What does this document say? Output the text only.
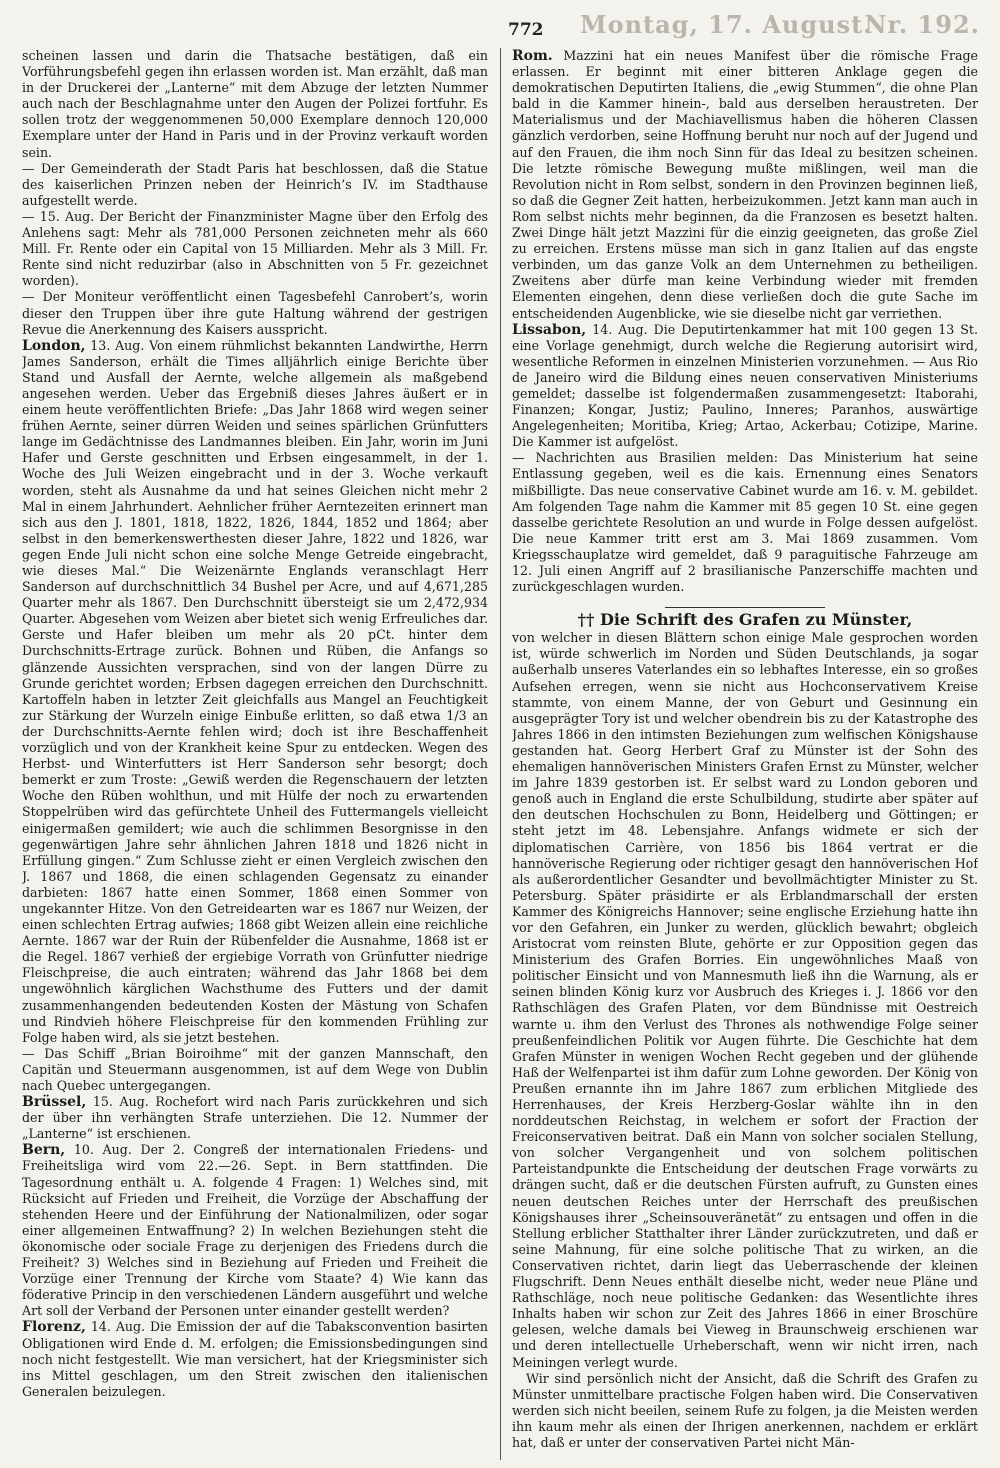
Montag, 17. August.
Nr. 192.
772

scheinen lassen und darin die Thatsache bestätigen, daß ein Vorführungsbefehl gegen ihn erlassen worden ist. Man erzählt, daß man in der Druckerei der „Lanterne“ mit dem Abzuge der letzten Nummer auch nach der Beschlagnahme unter den Augen der Polizei fortfuhr. Es sollen trotz der weggenommenen 50,000 Exemplare dennoch 120,000 Exemplare unter der Hand in Paris und in der Provinz verkauft worden sein.

— Der Gemeinderath der Stadt Paris hat beschlossen, daß die Statue des kaiserlichen Prinzen neben der Heinrich’s IV. im Stadthause aufgestellt werde.

— 15. Aug. Der Bericht der Finanzminister Magne über den Erfolg des Anlehens sagt: Mehr als 781,000 Personen zeichneten mehr als 660 Mill. Fr. Rente oder ein Capital von 15 Milliarden. Mehr als 3 Mill. Fr. Rente sind nicht reduzirbar (also in Abschnitten von 5 Fr. gezeichnet worden).

— Der Moniteur veröffentlicht einen Tagesbefehl Canrobert’s, worin dieser den Truppen über ihre gute Haltung während der gestrigen Revue die Anerkennung des Kaisers ausspricht.

London, 13. Aug. Von einem rühmlichst bekannten Landwirthe, Herrn James Sanderson, erhält die Times alljährlich einige Berichte über Stand und Ausfall der Aernte, welche allgemein als maßgebend angesehen werden. Ueber das Ergebniß dieses Jahres äußert er in einem heute veröffentlichten Briefe: „Das Jahr 1868 wird wegen seiner frühen Aernte, seiner dürren Weiden und seines spärlichen Grünfutters lange im Gedächtnisse des Landmannes bleiben. Ein Jahr, worin im Juni Hafer und Gerste geschnitten und Erbsen eingesammelt, in der 1. Woche des Juli Weizen eingebracht und in der 3. Woche verkauft worden, steht als Ausnahme da und hat seines Gleichen nicht mehr 2 Mal in einem Jahrhundert. Aehnlicher früher Aerntezeiten erinnert man sich aus den J. 1801, 1818, 1822, 1826, 1844, 1852 und 1864; aber selbst in den bemerkenswerthesten dieser Jahre, 1822 und 1826, war gegen Ende Juli nicht schon eine solche Menge Getreide eingebracht, wie dieses Mal.“ Die Weizenärnte Englands veranschlagt Herr Sanderson auf durchschnittlich 34 Bushel per Acre, und auf 4,671,285 Quarter mehr als 1867. Den Durchschnitt übersteigt sie um 2,472,934 Quarter. Abgesehen vom Weizen aber bietet sich wenig Erfreuliches dar. Gerste und Hafer bleiben um mehr als 20 pCt. hinter dem Durchschnitts-Ertrage zurück. Bohnen und Rüben, die Anfangs so glänzende Aussichten versprachen, sind von der langen Dürre zu Grunde gerichtet worden; Erbsen dagegen erreichen den Durchschnitt. Kartoffeln haben in letzter Zeit gleichfalls aus Mangel an Feuchtigkeit zur Stärkung der Wurzeln einige Einbuße erlitten, so daß etwa 1/3 an der Durchschnitts-Aernte fehlen wird; doch ist ihre Beschaffenheit vorzüglich und von der Krankheit keine Spur zu entdecken. Wegen des Herbst- und Winterfutters ist Herr Sanderson sehr besorgt; doch bemerkt er zum Troste: „Gewiß werden die Regenschauern der letzten Woche den Rüben wohlthun, und mit Hülfe der noch zu erwartenden Stoppelrüben wird das gefürchtete Unheil des Futtermangels vielleicht einigermaßen gemildert; wie auch die schlimmen Besorgnisse in den gegenwärtigen Jahre sehr ähnlichen Jahren 1818 und 1826 nicht in Erfüllung gingen.“ Zum Schlusse zieht er einen Vergleich zwischen den J. 1867 und 1868, die einen schlagenden Gegensatz zu einander darbieten: 1867 hatte einen Sommer, 1868 einen Sommer von ungekannter Hitze. Von den Getreidearten war es 1867 nur Weizen, der einen schlechten Ertrag aufwies; 1868 gibt Weizen allein eine reichliche Aernte. 1867 war der Ruin der Rübenfelder die Ausnahme, 1868 ist er die Regel. 1867 verhieß der ergiebige Vorrath von Grünfutter niedrige Fleischpreise, die auch eintraten; während das Jahr 1868 bei dem ungewöhnlich kärglichen Wachsthume des Futters und der damit zusammenhangenden bedeutenden Kosten der Mästung von Schafen und Rindvieh höhere Fleischpreise für den kommenden Frühling zur Folge haben wird, als sie jetzt bestehen.

— Das Schiff „Brian Boiroihme“ mit der ganzen Mannschaft, den Capitän und Steuermann ausgenommen, ist auf dem Wege von Dublin nach Quebec untergegangen.

Brüssel, 15. Aug. Rochefort wird nach Paris zurückkehren und sich der über ihn verhängten Strafe unterziehen. Die 12. Nummer der „Lanterne“ ist erschienen.

Bern, 10. Aug. Der 2. Congreß der internationalen Friedens- und Freiheitsliga wird vom 22.—26. Sept. in Bern stattfinden. Die Tagesordnung enthält u. A. folgende 4 Fragen: 1) Welches sind, mit Rücksicht auf Frieden und Freiheit, die Vorzüge der Abschaffung der stehenden Heere und der Einführung der Nationalmilizen, oder sogar einer allgemeinen Entwaffnung? 2) In welchen Beziehungen steht die ökonomische oder sociale Frage zu derjenigen des Friedens durch die Freiheit? 3) Welches sind in Beziehung auf Frieden und Freiheit die Vorzüge einer Trennung der Kirche vom Staate? 4) Wie kann das föderative Princip in den verschiedenen Ländern ausgeführt und welche Art soll der Verband der Personen unter einander gestellt werden?

Florenz, 14. Aug. Die Emission der auf die Tabaksconvention basirten Obligationen wird Ende d. M. erfolgen; die Emissionsbedingungen sind noch nicht festgestellt. Wie man versichert, hat der Kriegsminister sich ins Mittel geschlagen, um den Streit zwischen den italienischen Generalen beizulegen.

Rom. Mazzini hat ein neues Manifest über die römische Frage erlassen. Er beginnt mit einer bitteren Anklage gegen die demokratischen Deputirten Italiens, die „ewig Stummen“, die ohne Plan bald in die Kammer hinein-, bald aus derselben heraustreten. Der Materialismus und der Machiavellismus haben die höheren Classen gänzlich verdorben, seine Hoffnung beruht nur noch auf der Jugend und auf den Frauen, die ihm noch Sinn für das Ideal zu besitzen scheinen. Die letzte römische Bewegung mußte mißlingen, weil man die Revolution nicht in Rom selbst, sondern in den Provinzen beginnen ließ, so daß die Gegner Zeit hatten, herbeizukommen. Jetzt kann man auch in Rom selbst nichts mehr beginnen, da die Franzosen es besetzt halten. Zwei Dinge hält jetzt Mazzini für die einzig geeigneten, das große Ziel zu erreichen. Erstens müsse man sich in ganz Italien auf das engste verbinden, um das ganze Volk an dem Unternehmen zu betheiligen. Zweitens aber dürfe man keine Verbindung wieder mit fremden Elementen eingehen, denn diese verließen doch die gute Sache im entscheidenden Augenblicke, wie sie dieselbe nicht gar verriethen.

Lissabon, 14. Aug. Die Deputirtenkammer hat mit 100 gegen 13 St. eine Vorlage genehmigt, durch welche die Regierung autorisirt wird, wesentliche Reformen in einzelnen Ministerien vorzunehmen. — Aus Rio de Janeiro wird die Bildung eines neuen conservativen Ministeriums gemeldet; dasselbe ist folgendermaßen zusammengesetzt: Itaborahi, Finanzen; Kongar, Justiz; Paulino, Inneres; Paranhos, auswärtige Angelegenheiten; Moritiba, Krieg; Artao, Ackerbau; Cotizipe, Marine. Die Kammer ist aufgelöst.

— Nachrichten aus Brasilien melden: Das Ministerium hat seine Entlassung gegeben, weil es die kais. Ernennung eines Senators mißbilligte. Das neue conservative Cabinet wurde am 16. v. M. gebildet. Am folgenden Tage nahm die Kammer mit 85 gegen 10 St. eine gegen dasselbe gerichtete Resolution an und wurde in Folge dessen aufgelöst. Die neue Kammer tritt erst am 3. Mai 1869 zusammen. Vom Kriegsschauplatze wird gemeldet, daß 9 paraguitische Fahrzeuge am 12. Juli einen Angriff auf 2 brasilianische Panzerschiffe machten und zurückgeschlagen wurden.

†† Die Schrift des Grafen zu Münster,

von welcher in diesen Blättern schon einige Male gesprochen worden ist, würde schwerlich im Norden und Süden Deutschlands, ja sogar außerhalb unseres Vaterlandes ein so lebhaftes Interesse, ein so großes Aufsehen erregen, wenn sie nicht aus Hochconservativem Kreise stammte, von einem Manne, der von Geburt und Gesinnung ein ausgeprägter Tory ist und welcher obendrein bis zu der Katastrophe des Jahres 1866 in den intimsten Beziehungen zum welfischen Königshause gestanden hat. Georg Herbert Graf zu Münster ist der Sohn des ehemaligen hannöverischen Ministers Grafen Ernst zu Münster, welcher im Jahre 1839 gestorben ist. Er selbst ward zu London geboren und genoß auch in England die erste Schulbildung, studirte aber später auf den deutschen Hochschulen zu Bonn, Heidelberg und Göttingen; er steht jetzt im 48. Lebensjahre. Anfangs widmete er sich der diplomatischen Carrière, von 1856 bis 1864 vertrat er die hannöverische Regierung oder richtiger gesagt den hannöverischen Hof als außerordentlicher Gesandter und bevollmächtigter Minister zu St. Petersburg. Später präsidirte er als Erblandmarschall der ersten Kammer des Königreichs Hannover; seine englische Erziehung hatte ihn vor den Gefahren, ein Junker zu werden, glücklich bewahrt; obgleich Aristocrat vom reinsten Blute, gehörte er zur Opposition gegen das Ministerium des Grafen Borries. Ein ungewöhnliches Maaß von politischer Einsicht und von Mannesmuth ließ ihn die Warnung, als er seinen blinden König kurz vor Ausbruch des Krieges i. J. 1866 vor den Rathschlägen des Grafen Platen, vor dem Bündnisse mit Oestreich warnte u. ihm den Verlust des Thrones als nothwendige Folge seiner preußenfeindlichen Politik vor Augen führte. Die Geschichte hat dem Grafen Münster in wenigen Wochen Recht gegeben und der glühende Haß der Welfenpartei ist ihm dafür zum Lohne geworden. Der König von Preußen ernannte ihn im Jahre 1867 zum erblichen Mitgliede des Herrenhauses, der Kreis Herzberg-Goslar wählte ihn in den norddeutschen Reichstag, in welchem er sofort der Fraction der Freiconservativen beitrat. Daß ein Mann von solcher socialen Stellung, von solcher Vergangenheit und von solchem politischen Parteistandpunkte die Entscheidung der deutschen Frage vorwärts zu drängen sucht, daß er die deutschen Fürsten aufruft, zu Gunsten eines neuen deutschen Reiches unter der Herrschaft des preußischen Königshauses ihrer „Scheinsouveränetät“ zu entsagen und offen in die Stellung erblicher Statthalter ihrer Länder zurückzutreten, und daß er seine Mahnung, für eine solche politische That zu wirken, an die Conservativen richtet, darin liegt das Ueberraschende der kleinen Flugschrift. Denn Neues enthält dieselbe nicht, weder neue Pläne und Rathschläge, noch neue politische Gedanken: das Wesentlichte ihres Inhalts haben wir schon zur Zeit des Jahres 1866 in einer Broschüre gelesen, welche damals bei Vieweg in Braunschweig erschienen war und deren intellectuelle Urheberschaft, wenn wir nicht irren, nach Meiningen verlegt wurde.

Wir sind persönlich nicht der Ansicht, daß die Schrift des Grafen zu Münster unmittelbare practische Folgen haben wird. Die Conservativen werden sich nicht beeilen, seinem Rufe zu folgen, ja die Meisten werden ihn kaum mehr als einen der Ihrigen anerkennen, nachdem er erklärt hat, daß er unter der conservativen Partei nicht Män-
